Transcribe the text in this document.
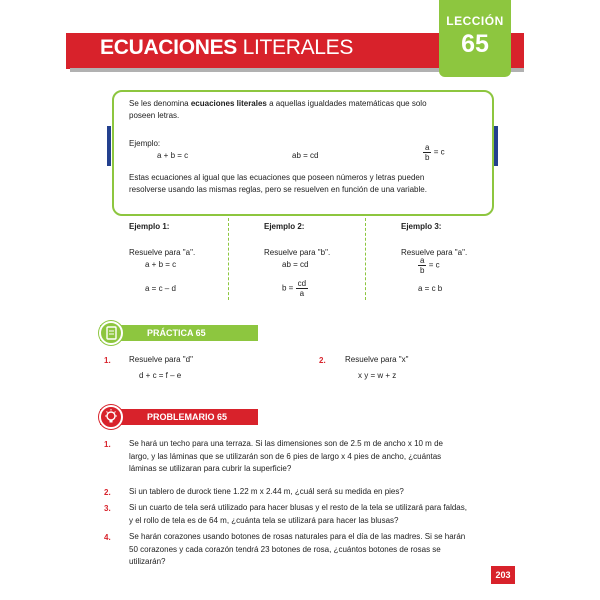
ECUACIONES LITERALES
LECCIÓN
65
Se les denomina ecuaciones literales a aquellas igualdades matemáticas que solo
poseen letras.
Ejemplo:
a + b = c	ab = cd	$\frac{a}{b} = c$
Estas ecuaciones al igual que las ecuaciones que poseen números y letras pueden
resolverse usando las mismas reglas, pero se resuelven en función de una variable.
Ejemplo 1:
Resuelve para "a".
a + b = c
a = c – d
Ejemplo 2:
Resuelve para "b".
ab = cd
$b = \frac{cd}{a}$
Ejemplo 3:
Resuelve para "a".
$\frac{a}{b} = c$
a = c b
PRÁCTICA 65
1. Resuelve para "d"
d + c = f – e
2. Resuelve para "x"
x y = w + z
PROBLEMARIO 65
1. Se hará un techo para una terraza. Si las dimensiones son de 2.5 m de ancho x 10 m de
largo, y las láminas que se utilizarán son de 6 pies de largo x 4 pies de ancho, ¿cuántas
láminas se utilizaran para cubrir la superficie?
2. Si un tablero de durock tiene 1.22 m x 2.44 m, ¿cuál será su medida en pies?
3. Si un cuarto de tela será utilizado para hacer blusas y el resto de la tela se utilizará para faldas,
y el rollo de tela es de 64 m, ¿cuánta tela se utilizará para hacer las blusas?
4. Se harán corazones usando botones de rosas naturales para el día de las madres. Si se harán
50 corazones y cada corazón tendrá 23 botones de rosa, ¿cuántos botones de rosas se
utilizarán?
203
